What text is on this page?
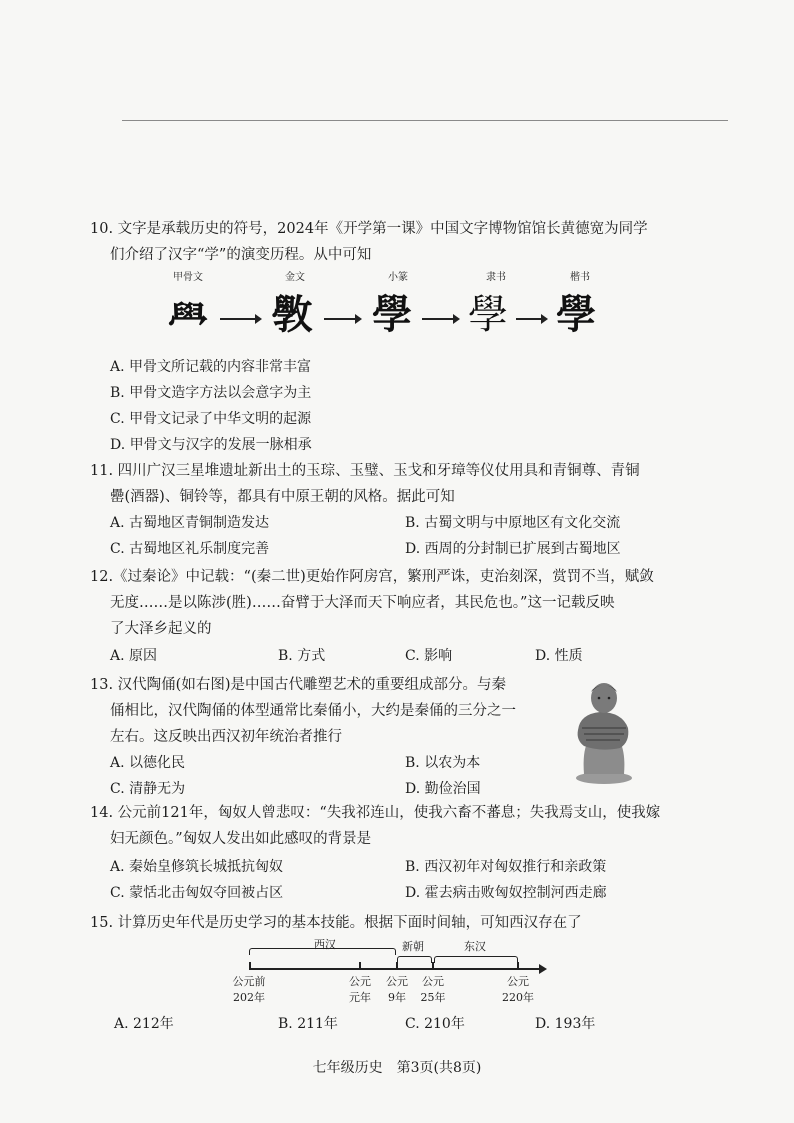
10. 文字是承载历史的符号，2024年《开学第一课》中国文字博物馆馆长黄德宽为同学
们介绍了汉字“学”的演变历程。从中可知
甲骨文	金文	小篆	隶书	楷书
𦥯 斆 學 學 學
A. 甲骨文所记载的内容非常丰富
B. 甲骨文造字方法以会意字为主
C. 甲骨文记录了中华文明的起源
D. 甲骨文与汉字的发展一脉相承
11. 四川广汉三星堆遗址新出土的玉琮、玉璧、玉戈和牙璋等仪仗用具和青铜尊、青铜
罍(酒器)、铜铃等，都具有中原王朝的风格。据此可知
A. 古蜀地区青铜制造发达	B. 古蜀文明与中原地区有文化交流
C. 古蜀地区礼乐制度完善	D. 西周的分封制已扩展到古蜀地区
12.《过秦论》中记载：“(秦二世)更始作阿房宫，繁刑严诛，吏治刻深，赏罚不当，赋敛
无度……是以陈涉(胜)……奋臂于大泽而天下响应者，其民危也。”这一记载反映
了大泽乡起义的
A. 原因	B. 方式	C. 影响	D. 性质
13. 汉代陶俑(如右图)是中国古代雕塑艺术的重要组成部分。与秦
俑相比，汉代陶俑的体型通常比秦俑小，大约是秦俑的三分之一
左右。这反映出西汉初年统治者推行
A. 以德化民	B. 以农为本
C. 清静无为	D. 勤俭治国
14. 公元前121年，匈奴人曾悲叹：“失我祁连山，使我六畜不蕃息；失我焉支山，使我嫁
妇无颜色。”匈奴人发出如此感叹的背景是
A. 秦始皇修筑长城抵抗匈奴	B. 西汉初年对匈奴推行和亲政策
C. 蒙恬北击匈奴夺回被占区	D. 霍去病击败匈奴控制河西走廊
15. 计算历史年代是历史学习的基本技能。根据下面时间轴，可知西汉存在了
西汉	新朝	东汉
公元前
202年
公元
元年
公元
9年
公元
25年
公元
220年
A. 212年	B. 211年	C. 210年	D. 193年
七年级历史　第3页(共8页)
